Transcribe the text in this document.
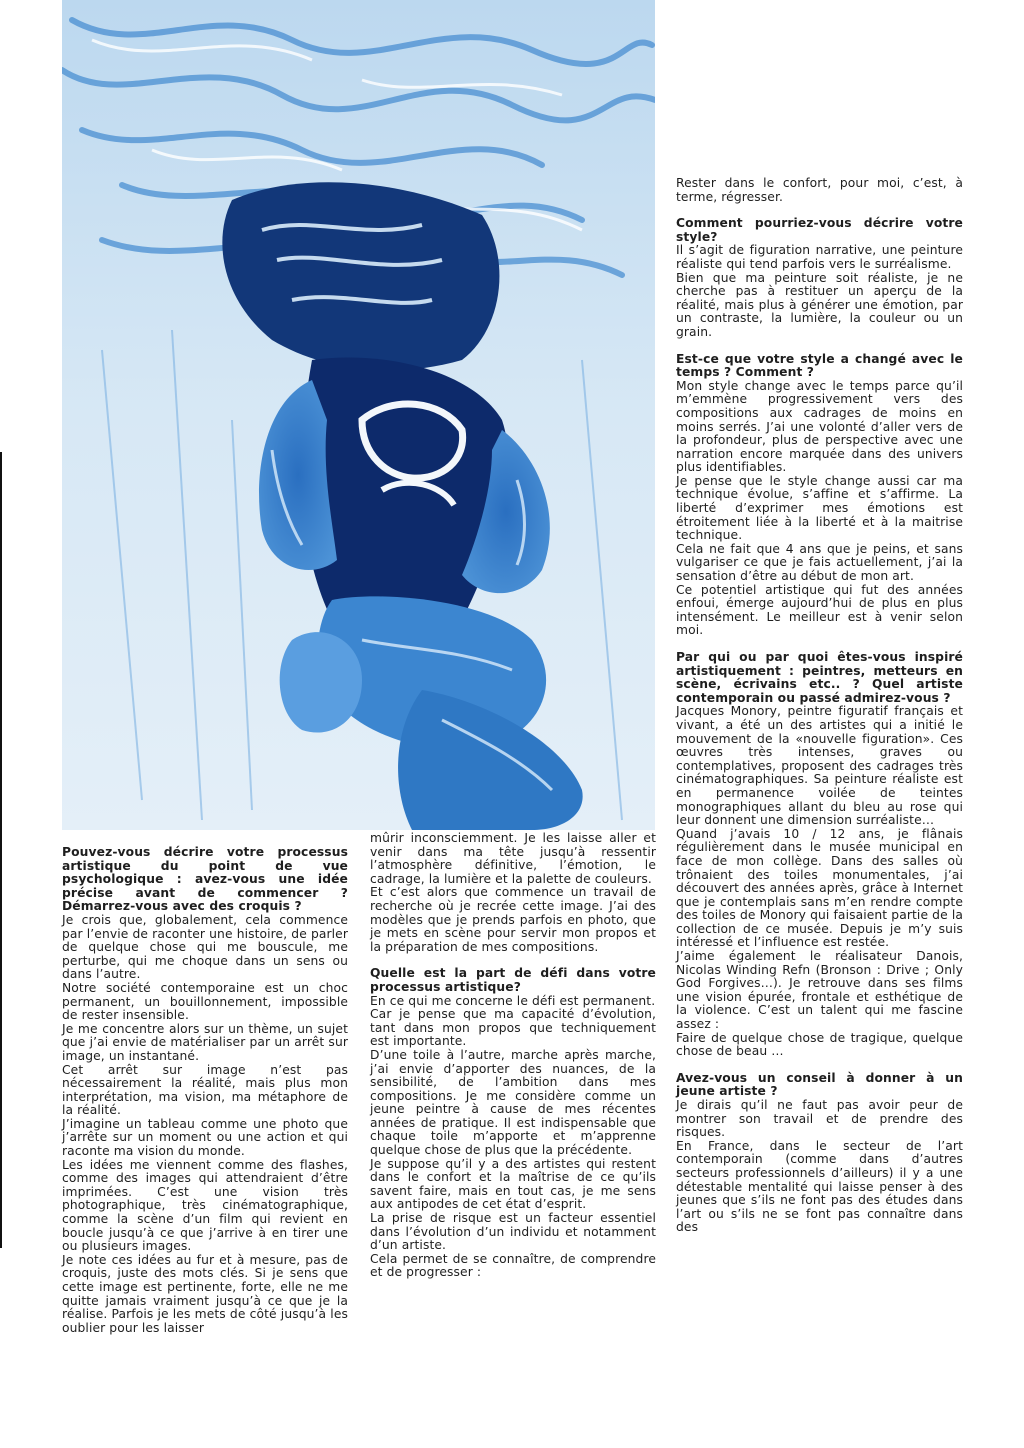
Pouvez-vous décrire votre processus artistique du point de vue psychologique : avez-vous une idée précise avant de commencer ? Démarrez-vous avec des croquis ?

Je crois que, globalement, cela commence par l’envie de raconter une histoire, de parler de quelque chose qui me bouscule, me perturbe, qui me choque dans un sens ou dans l’autre.

Notre société contemporaine est un choc permanent, un bouillonnement, impossible de rester insensible.

Je me concentre alors sur un thème, un sujet que j’ai envie de matérialiser par un arrêt sur image, un instantané.

Cet arrêt sur image n’est pas nécessairement la réalité, mais plus mon interprétation, ma vision, ma métaphore de la réalité.

J’imagine un tableau comme une photo que j’arrête sur un moment ou une action et qui raconte ma vision du monde.

Les idées me viennent comme des flashes, comme des images qui attendraient d’être imprimées. C’est une vision très photographique, très cinématographique, comme la scène d’un film qui revient en boucle jusqu’à ce que j’arrive à en tirer une ou plusieurs images.

Je note ces idées au fur et à mesure, pas de croquis, juste des mots clés. Si je sens que cette image est pertinente, forte, elle ne me quitte jamais vraiment jusqu’à ce que je la réalise. Parfois je les mets de côté jusqu’à les oublier pour les laisser

mûrir inconsciemment. Je les laisse aller et venir dans ma tête jusqu’à ressentir l’atmosphère définitive, l’émotion, le cadrage, la lumière et la palette de couleurs.

Et c’est alors que commence un travail de recherche où je recrée cette image. J’ai des modèles que je prends parfois en photo, que je mets en scène pour servir mon propos et la préparation de mes compositions.

Quelle est la part de défi dans votre processus artistique?

En ce qui me concerne le défi est permanent.

Car je pense que ma capacité d’évolution, tant dans mon propos que techniquement est importante.

D’une toile à l’autre, marche après marche, j’ai envie d’apporter des nuances, de la sensibilité, de l’ambition dans mes compositions. Je me considère comme un jeune peintre à cause de mes récentes années de pratique. Il est indispensable que chaque toile m’apporte et m’apprenne quelque chose de plus que la précédente.

Je suppose qu’il y a des artistes qui restent dans le confort et la maîtrise de ce qu’ils savent faire, mais en tout cas, je me sens aux antipodes de cet état d’esprit.

La prise de risque est un facteur essentiel dans l’évolution d’un individu et notamment d’un artiste.

Cela permet de se connaître, de comprendre et de progresser :

Rester dans le confort, pour moi, c’est, à terme, régresser.

Comment pourriez-vous décrire votre style?

Il s’agit de figuration narrative, une peinture réaliste qui tend parfois vers le surréalisme.

Bien que ma peinture soit réaliste, je ne cherche pas à restituer un aperçu de la réalité, mais plus à générer une émotion, par un contraste, la lumière, la couleur ou un grain.

Est-ce que votre style a changé avec le temps ? Comment ?

Mon style change avec le temps parce qu’il m’emmène progressivement vers des compositions aux cadrages de moins en moins serrés. J’ai une volonté d’aller vers de la profondeur, plus de perspective avec une narration encore marquée dans des univers plus identifiables.

Je pense que le style change aussi car ma technique évolue, s’affine et s’affirme. La liberté d’exprimer mes émotions est étroitement liée à la liberté et à la maitrise technique.

Cela ne fait que 4 ans que je peins, et sans vulgariser ce que je fais actuellement, j’ai la sensation d’être au début de mon art.

Ce potentiel artistique qui fut des années enfoui, émerge aujourd’hui de plus en plus intensément. Le meilleur est à venir selon moi.

Par qui ou par quoi êtes-vous inspiré artistiquement : peintres, metteurs en scène, écrivains etc.. ? Quel artiste contemporain ou passé admirez-vous ?

Jacques Monory, peintre figuratif français et vivant, a été un des artistes qui a initié le mouvement de la «nouvelle figuration». Ces œuvres très intenses, graves ou contemplatives, proposent des cadrages très cinématographiques. Sa peinture réaliste est en permanence voilée de teintes monographiques allant du bleu au rose qui leur donnent une dimension surréaliste…

Quand j’avais 10 / 12 ans, je flânais régulièrement dans le musée municipal en face de mon collège. Dans des salles où trônaient des toiles monumentales, j’ai découvert des années après, grâce à Internet que je contemplais sans m’en rendre compte des toiles de Monory qui faisaient partie de la collection de ce musée. Depuis je m’y suis intéressé et l’influence est restée.

J’aime également le réalisateur Danois, Nicolas Winding Refn (Bronson : Drive ; Only God Forgives…). Je retrouve dans ses films une vision épurée, frontale et esthétique de la violence. C’est un talent qui me fascine assez :

Faire de quelque chose de tragique, quelque chose de beau …

Avez-vous un conseil à donner à un jeune artiste ?

Je dirais qu’il ne faut pas avoir peur de montrer son travail et de prendre des risques.

En France, dans le secteur de l’art contemporain (comme dans d’autres secteurs professionnels d’ailleurs) il y a une détestable mentalité qui laisse penser à des jeunes que s’ils ne font pas des études dans l’art ou s’ils ne se font pas connaître dans des
